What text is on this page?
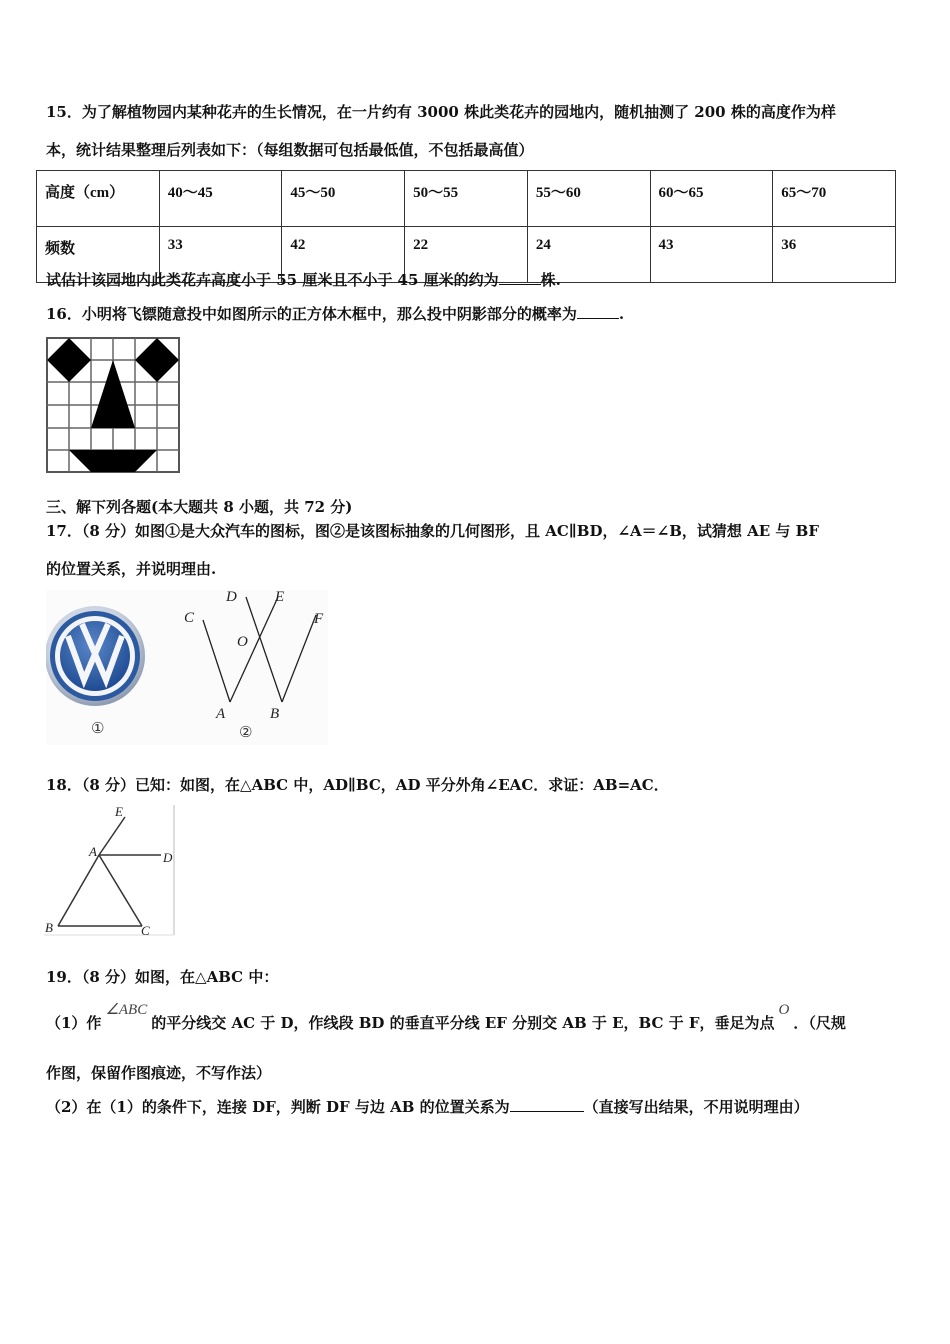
15．为了解植物园内某种花卉的生长情况，在一片约有 3000 株此类花卉的园地内，随机抽测了 200 株的高度作为样
本，统计结果整理后列表如下：（每组数据可包括最低值，不包括最高值）
高度（cm）	40～45	45～50	50～55	55～60	60～65	65～70
频数	33	42	22	24	43	36
试估计该园地内此类花卉高度小于 55 厘米且不小于 45 厘米的约为	株.
16．小明将飞镖随意投中如图所示的正方体木框中，那么投中阴影部分的概率为	.
三、解下列各题(本大题共 8 小题，共 72 分)
17．（8 分）如图①是大众汽车的图标，图②是该图标抽象的几何图形，且 AC∥BD，∠A＝∠B，试猜想 AE 与 BF
的位置关系，并说明理由.
①
C
D	E
F
O
A	B
②
18．（8 分）已知：如图，在△ABC 中，AD∥BC，AD 平分外角∠EAC．求证：AB=AC．
E
A	D
B	C
19．（8 分）如图，在△ABC 中：
（1）作∠ABC的平分线交 AC 于 D，作线段 BD 的垂直平分线 EF 分别交 AB 于 E，BC 于 F，垂足为点O．（尺规
作图，保留作图痕迹，不写作法）
（2）在（1）的条件下，连接 DF，判断 DF 与边 AB 的位置关系为	（直接写出结果，不用说明理由）
